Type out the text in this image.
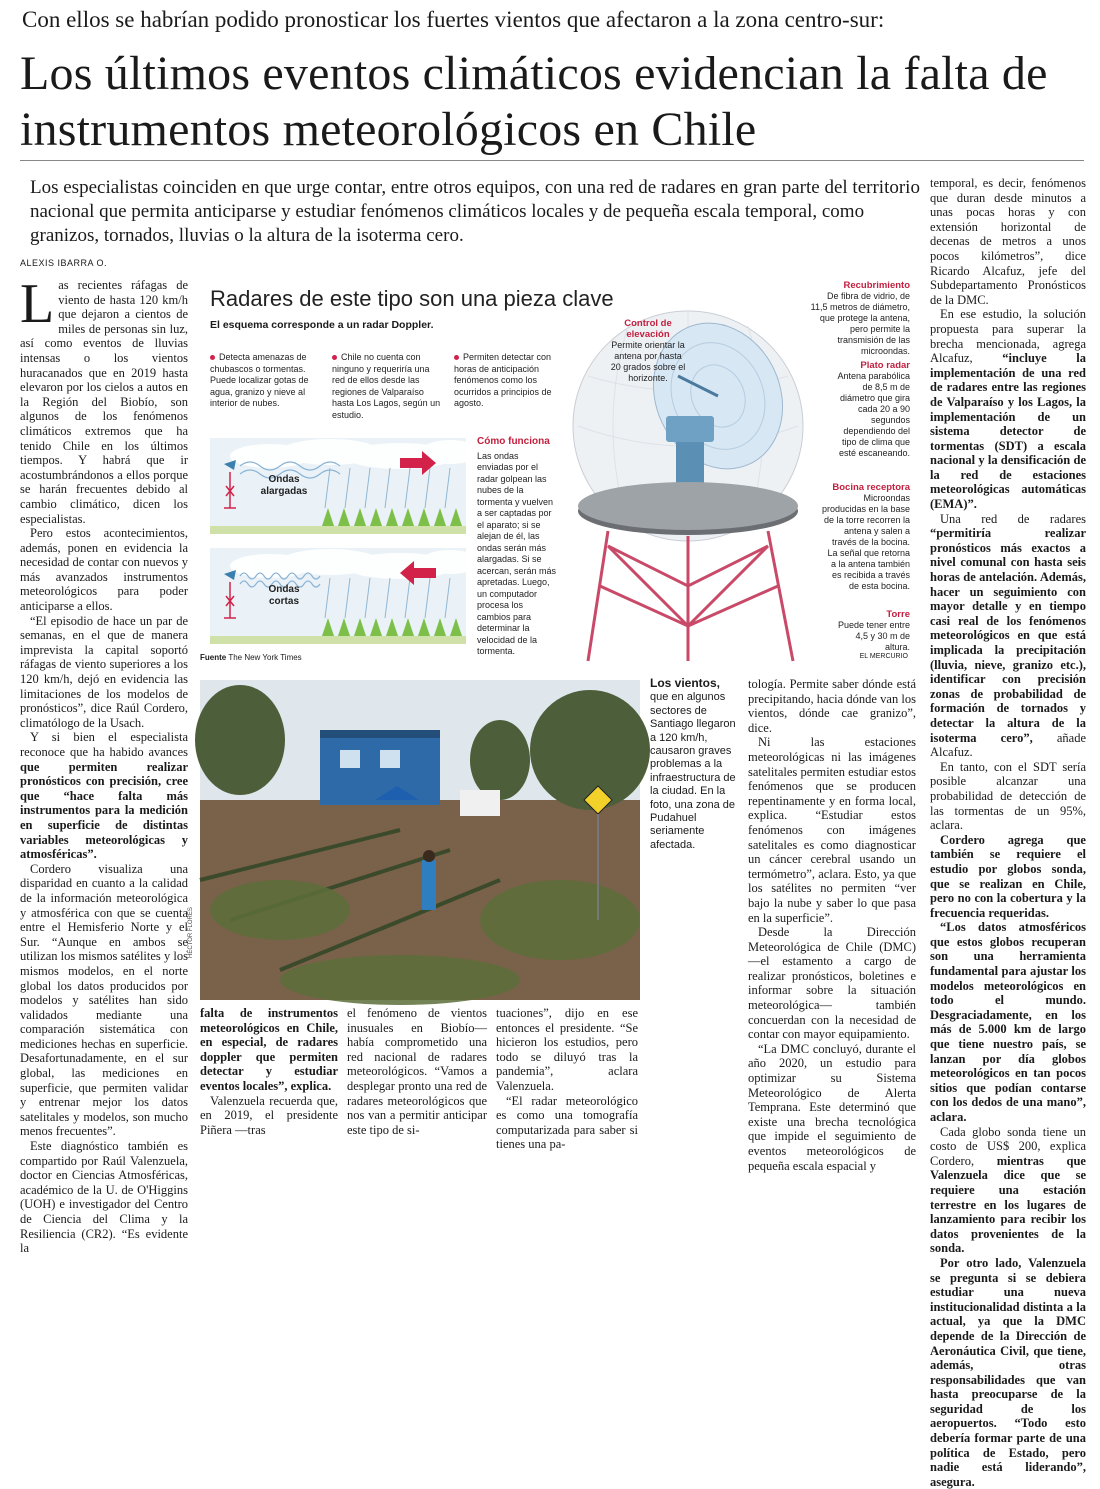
Con ellos se habrían podido pronosticar los fuertes vientos que afectaron a la zona centro-sur:
Los últimos eventos climáticos evidencian la falta de instrumentos meteorológicos en Chile
Los especialistas coinciden en que urge contar, entre otros equipos, con una red de radares en gran parte del territorio nacional que permita anticiparse y estudiar fenómenos climáticos locales y de pequeña escala temporal, como granizos, tornados, lluvias o la altura de la isoterma cero.
ALEXIS IBARRA O.

Las recientes ráfagas de viento de hasta 120 km/h que dejaron a cientos de miles de personas sin luz, así como eventos de lluvias intensas o los vientos huracanados que en 2019 hasta elevaron por los cielos a autos en la Región del Biobío, son algunos de los fenómenos climáticos extremos que ha tenido Chile en los últimos tiempos. Y habrá que ir acostumbrándonos a ellos porque se harán frecuentes debido al cambio climático, dicen los especialistas.

Pero estos acontecimientos, además, ponen en evidencia la necesidad de contar con nuevos y más avanzados instrumentos meteorológicos para poder anticiparse a ellos.

“El episodio de hace un par de semanas, en el que de manera imprevista la capital soportó ráfagas de viento superiores a los 120 km/h, dejó en evidencia las limitaciones de los modelos de pronósticos”, dice Raúl Cordero, climatólogo de la Usach.

Y si bien el especialista reconoce que ha habido avances que permiten realizar pronósticos con precisión, cree que “hace falta más instrumentos para la medición en superficie de distintas variables meteorológicas y atmosféricas”.

Cordero visualiza una disparidad en cuanto a la calidad de la información meteorológica y atmosférica con que se cuenta entre el Hemisferio Norte y el Sur. “Aunque en ambos se utilizan los mismos satélites y los mismos modelos, en el norte global los datos producidos por modelos y satélites han sido validados mediante una comparación sistemática con mediciones hechas en superficie. Desafortunadamente, en el sur global, las mediciones en superficie, que permiten validar y entrenar mejor los datos satelitales y modelos, son mucho menos frecuentes”.

Este diagnóstico también es compartido por Raúl Valenzuela, doctor en Ciencias Atmosféricas, académico de la U. de O'Higgins (UOH) e investigador del Centro de Ciencia del Clima y la Resiliencia (CR2). “Es evidente la

Radares de este tipo son una pieza clave
El esquema corresponde a un radar Doppler.
Detecta amenazas de chubascos o tormentas. Puede localizar gotas de agua, granizo y nieve al interior de nubes.
Chile no cuenta con ninguno y requeriría una red de ellos desde las regiones de Valparaíso hasta Los Lagos, según un estudio.
Permiten detectar con horas de anticipación fenómenos como los ocurridos a principios de agosto.
Ondas alargadas
Ondas cortas
Cómo funciona
Las ondas enviadas por el radar golpean las nubes de la tormenta y vuelven a ser captadas por el aparato; si se alejan de él, las ondas serán más alargadas. Si se acercan, serán más apretadas. Luego, un computador procesa los cambios para determinar la velocidad de la tormenta.
Recubrimiento
De fibra de vidrio, de 11,5 metros de diámetro, que protege la antena, pero permite la transmisión de las microondas.
Plato radar
Antena parabólica de 8,5 m de diámetro que gira cada 20 a 90 segundos dependiendo del tipo de clima que esté escaneando.
Bocina receptora
Microondas producidas en la base de la torre recorren la antena y salen a través de la bocina. La señal que retorna a la antena también es recibida a través de esta bocina.
Torre
Puede tener entre 4,5 y 30 m de altura.
Control de elevación
Permite orientar la antena por hasta 20 grados sobre el horizonte.
Fuente The New York Times	EL MERCURIO

temporal, es decir, fenómenos que duran desde minutos a unas pocas horas y con extensión horizontal de decenas de metros a unos pocos kilómetros”, dice Ricardo Alcafuz, jefe del Subdepartamento Pronósticos de la DMC.

En ese estudio, la solución propuesta para superar la brecha mencionada, agrega Alcafuz, “incluye la implementación de una red de radares entre las regiones de Valparaíso y los Lagos, la implementación de un sistema detector de tormentas (SDT) a escala nacional y la densificación de la red de estaciones meteorológicas automáticas (EMA)”.

Una red de radares “permitiría realizar pronósticos más exactos a nivel comunal con hasta seis horas de antelación. Además, hacer un seguimiento con mayor detalle y en tiempo casi real de los fenómenos meteorológicos en que está implicada la precipitación (lluvia, nieve, granizo etc.), identificar con precisión zonas de probabilidad de formación de tornados y detectar la altura de la isoterma cero”, añade Alcafuz.

En tanto, con el SDT sería posible alcanzar una probabilidad de detección de las tormentas de un 95%, aclara.

Cordero agrega que también se requiere el estudio por globos sonda, que se realizan en Chile, pero no con la cobertura y la frecuencia requeridas.

“Los datos atmosféricos que estos globos recuperan son una herramienta fundamental para ajustar los modelos meteorológicos en todo el mundo. Desgraciadamente, en los más de 5.000 km de largo que tiene nuestro país, se lanzan por día globos meteorológicos en tan pocos sitios que podían contarse con los dedos de una mano”, aclara.

Cada globo sonda tiene un costo de US$ 200, explica Cordero, mientras que Valenzuela dice que se requiere una estación terrestre en los lugares de lanzamiento para recibir los datos provenientes de la sonda.

Por otro lado, Valenzuela se pregunta si se debiera estudiar una nueva institucionalidad distinta a la actual, ya que la DMC depende de la Dirección de Aeronáutica Civil, que tiene, además, otras responsabilidades que van hasta preocuparse de la seguridad de los aeropuertos. “Todo esto debería formar parte de una política de Estado, pero nadie está liderando”, asegura.

HÉCTOR FLORES
Los vientos, que en algunos sectores de Santiago llegaron a 120 km/h, causaron graves problemas a la infraestructura de la ciudad. En la foto, una zona de Pudahuel seriamente afectada.

falta de instrumentos meteorológicos en Chile, en especial, de radares doppler que permiten detectar y estudiar eventos locales”, explica.

Valenzuela recuerda que, en 2019, el presidente Piñera —tras

el fenómeno de vientos inusuales en Biobío— había comprometido una red nacional de radares meteorológicos. “Vamos a desplegar pronto una red de radares meteorológicos que nos van a permitir anticipar este tipo de si-

tuaciones”, dijo en ese entonces el presidente. “Se hicieron los estudios, pero todo se diluyó tras la pandemia”, aclara Valenzuela.

“El radar meteorológico es como una tomografía computarizada para saber si tienes una pa-

tología. Permite saber dónde está precipitando, hacia dónde van los vientos, dónde cae granizo”, dice.

Ni las estaciones meteorológicas ni las imágenes satelitales permiten estudiar estos fenómenos que se producen repentinamente y en forma local, explica. “Estudiar estos fenómenos con imágenes satelitales es como diagnosticar un cáncer cerebral usando un termómetro”, aclara. Esto, ya que los satélites no permiten “ver bajo la nube y saber lo que pasa en la superficie”.

Desde la Dirección Meteorológica de Chile (DMC) —el estamento a cargo de realizar pronósticos, boletines e informar sobre la situación meteorológica— también concuerdan con la necesidad de contar con mayor equipamiento.

“La DMC concluyó, durante el año 2020, un estudio para optimizar su Sistema Meteorológico de Alerta Temprana. Este determinó que existe una brecha tecnológica que impide el seguimiento de eventos meteorológicos de pequeña escala espacial y
